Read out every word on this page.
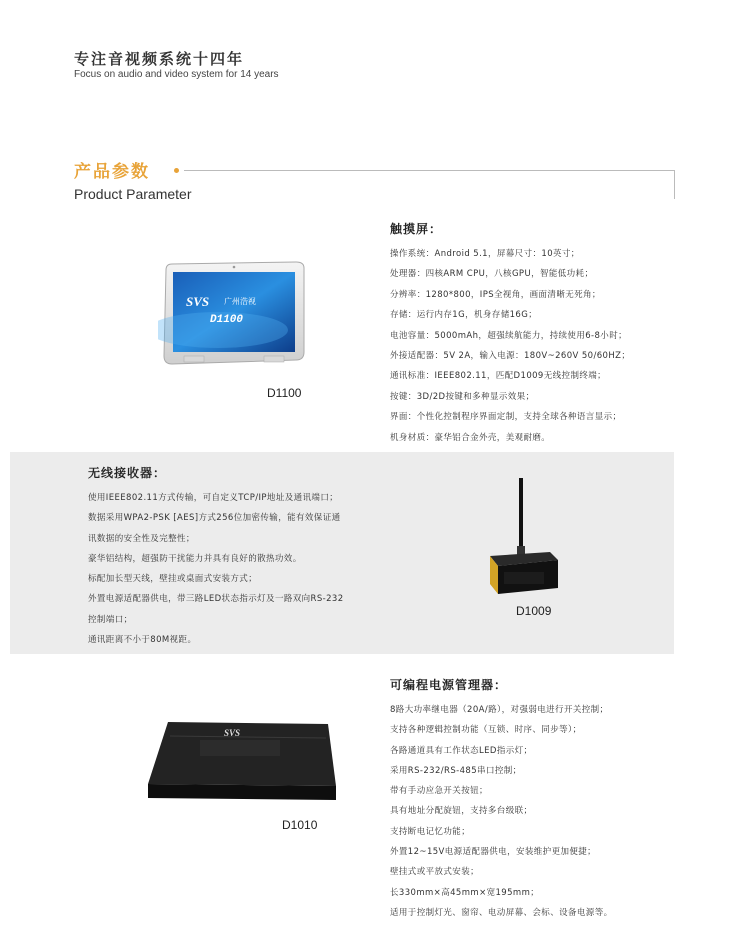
专注音视频系统十四年
Focus on audio and video system for 14 years
产品参数
Product Parameter
SVS 广州浩视
D1100
D1100
触摸屏：
操作系统：Android 5.1，屏幕尺寸：10英寸；
处理器：四核ARM CPU，八核GPU，智能低功耗；
分辨率：1280*800，IPS全视角，画面清晰无死角；
存储：运行内存1G，机身存储16G；
电池容量：5000mAh，超强续航能力，持续使用6-8小时；
外接适配器：5V 2A，输入电源：180V~260V 50/60HZ；
通讯标准：IEEE802.11，匹配D1009无线控制终端；
按键：3D/2D按键和多种显示效果；
界面：个性化控制程序界面定制，支持全球各种语言显示；
机身材质：豪华铝合金外壳，美观耐磨。
无线接收器：
使用IEEE802.11方式传输，可自定义TCP/IP地址及通讯端口；
数据采用WPA2-PSK [AES]方式256位加密传输，能有效保证通
讯数据的安全性及完整性；
豪华铝结构，超强防干扰能力并具有良好的散热功效。
标配加长型天线，壁挂或桌面式安装方式；
外置电源适配器供电，带三路LED状态指示灯及一路双向RS-232
控制端口；
通讯距离不小于80M视距。
D1009
可编程电源管理器：
8路大功率继电器（20A/路），对强弱电进行开关控制；
支持各种逻辑控制功能（互锁、时序、同步等）；
各路通道具有工作状态LED指示灯；
采用RS-232/RS-485串口控制；
带有手动应急开关按钮；
具有地址分配旋钮，支持多台级联；
支持断电记忆功能；
外置12~15V电源适配器供电，安装维护更加便捷；
壁挂式或平放式安装；
长330mm×高45mm×宽195mm；
适用于控制灯光、窗帘、电动屏幕、会标、设备电源等。
SVS
D1010
